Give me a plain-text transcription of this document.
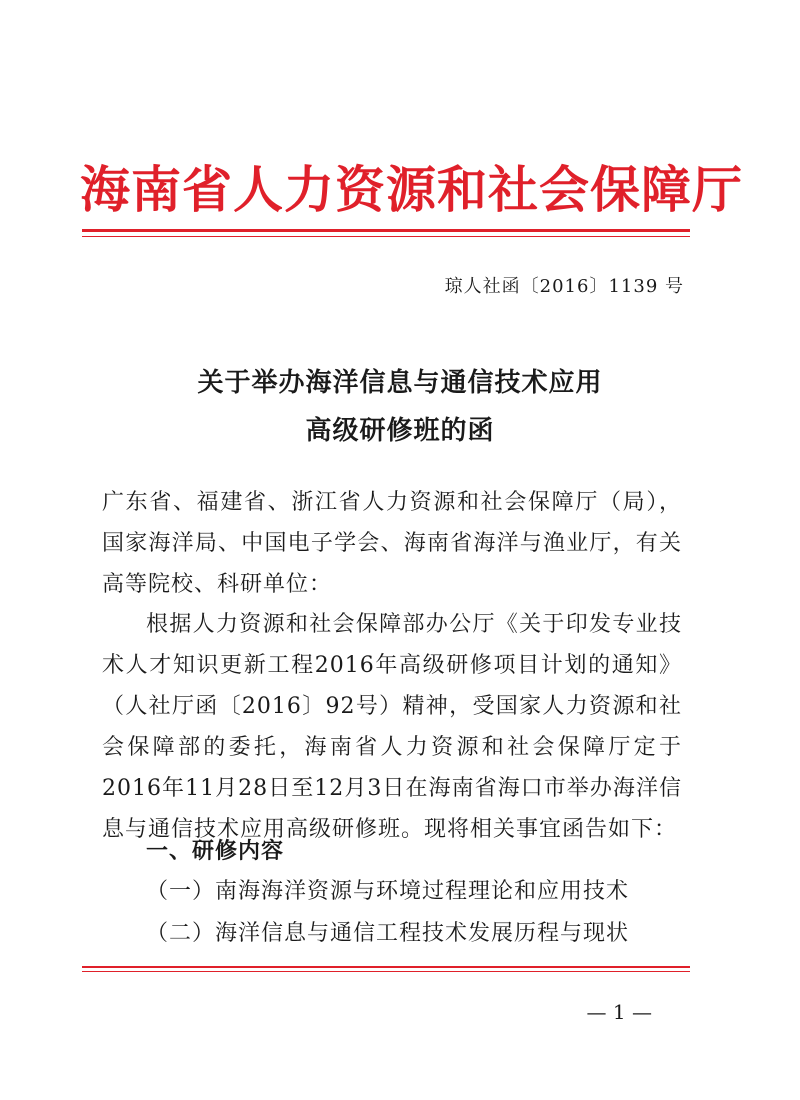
海南省人力资源和社会保障厅
琼人社函〔2016〕1139 号
关于举办海洋信息与通信技术应用
高级研修班的函
广东省、福建省、浙江省人力资源和社会保障厅（局），国家海洋局、中国电子学会、海南省海洋与渔业厅，有关高等院校、科研单位：
根据人力资源和社会保障部办公厅《关于印发专业技术人才知识更新工程2016年高级研修项目计划的通知》（人社厅函〔2016〕92号）精神，受国家人力资源和社会保障部的委托，海南省人力资源和社会保障厅定于2016年11月28日至12月3日在海南省海口市举办海洋信息与通信技术应用高级研修班。现将相关事宜函告如下：
一、研修内容
（一）南海海洋资源与环境过程理论和应用技术
（二）海洋信息与通信工程技术发展历程与现状
— 1 —
